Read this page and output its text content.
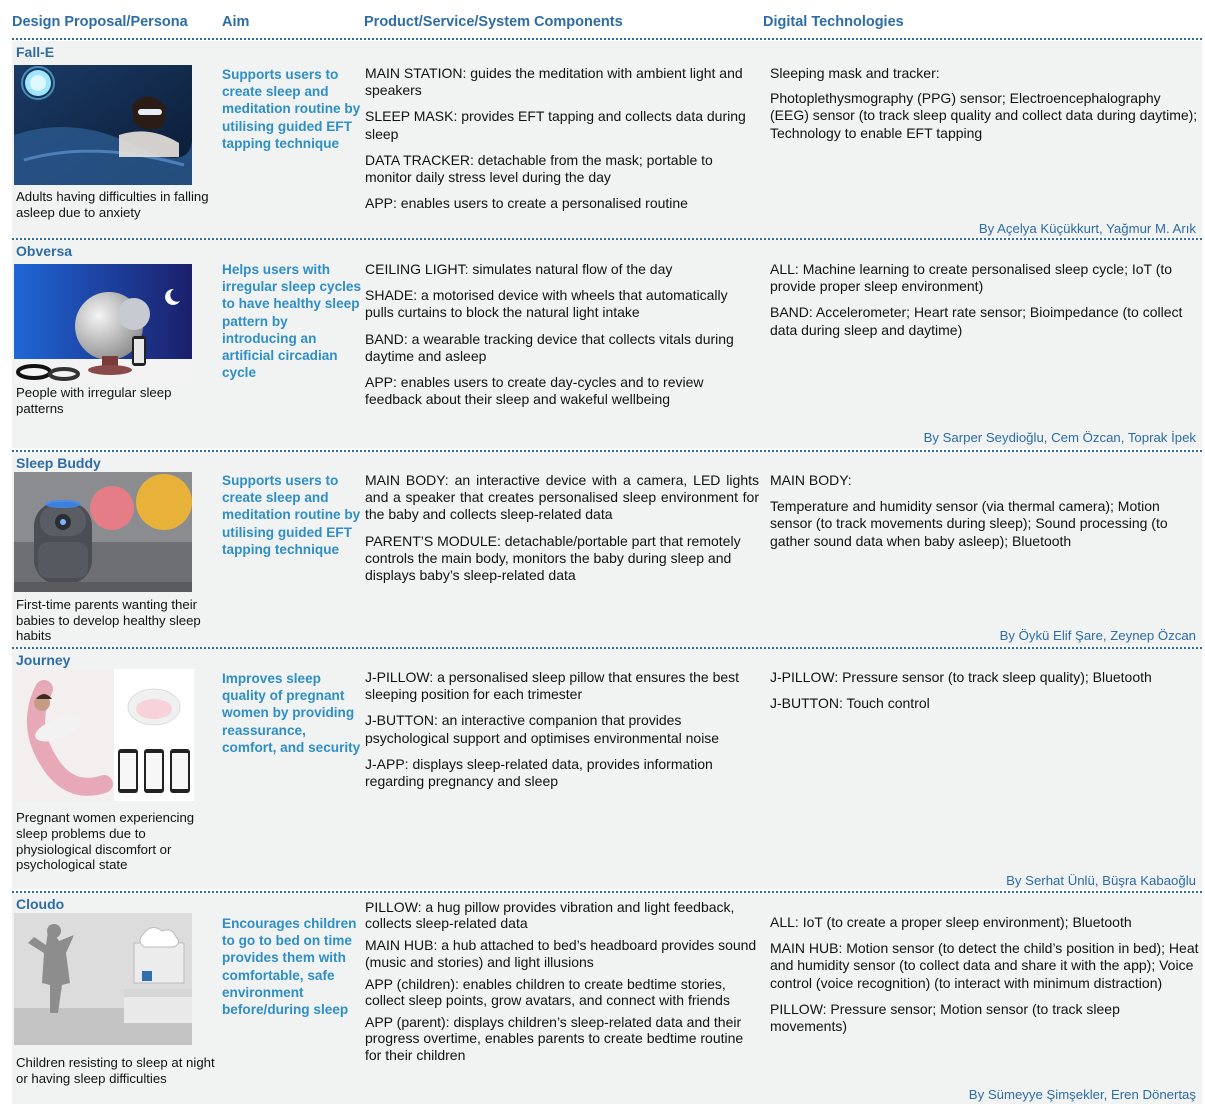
Design Proposal/Persona Aim	Product/Service/System Components	Digital Technologies
Fall-E
Adults having difficulties in falling asleep due to anxiety
Supports users to create sleep and meditation routine by utilising guided EFT tapping technique

MAIN STATION: guides the meditation with ambient light and speakers

SLEEP MASK: provides EFT tapping and collects data during sleep

DATA TRACKER: detachable from the mask; portable to monitor daily stress level during the day

APP: enables users to create a personalised routine

Sleeping mask and tracker:

Photoplethysmography (PPG) sensor; Electroencephalography (EEG) sensor (to track sleep quality and collect data during daytime); Technology to enable EFT tapping

By Açelya Küçükkurt, Yağmur M. Arık
Obversa
People with irregular sleep patterns
Helps users with irregular sleep cycles to have healthy sleep pattern by introducing an artificial circadian cycle

CEILING LIGHT: simulates natural flow of the day

SHADE: a motorised device with wheels that automatically pulls curtains to block the natural light intake

BAND: a wearable tracking device that collects vitals during daytime and asleep

APP: enables users to create day-cycles and to review feedback about their sleep and wakeful wellbeing

ALL: Machine learning to create personalised sleep cycle; IoT (to provide proper sleep environment)

BAND: Accelerometer; Heart rate sensor; Bioimpedance (to collect data during sleep and daytime)

By Sarper Seydioğlu, Cem Özcan, Toprak İpek
Sleep Buddy
First-time parents wanting their babies to develop healthy sleep habits
Supports users to create sleep and meditation routine by utilising guided EFT tapping technique

MAIN BODY: an interactive device with a camera, LED lights and a speaker that creates personalised sleep environment for the baby and collects sleep-related data

PARENT’S MODULE: detachable/portable part that remotely controls the main body, monitors the baby during sleep and displays baby’s sleep-related data

MAIN BODY:

Temperature and humidity sensor (via thermal camera); Motion sensor (to track movements during sleep); Sound processing (to gather sound data when baby asleep); Bluetooth

By Öykü Elif Şare, Zeynep Özcan
Journey
Pregnant women experiencing sleep problems due to physiological discomfort or psychological state
Improves sleep quality of pregnant women by providing reassurance, comfort, and security

J-PILLOW: a personalised sleep pillow that ensures the best sleeping position for each trimester

J-BUTTON: an interactive companion that provides psychological support and optimises environmental noise

J-APP: displays sleep-related data, provides information regarding pregnancy and sleep

J-PILLOW: Pressure sensor (to track sleep quality); Bluetooth

J-BUTTON: Touch control

By Serhat Ünlü, Büşra Kabaoğlu
Cloudo
Children resisting to sleep at night or having sleep difficulties
Encourages children to go to bed on time provides them with comfortable, safe environment before/during sleep

PILLOW: a hug pillow provides vibration and light feedback, collects sleep-related data

MAIN HUB: a hub attached to bed’s headboard provides sound (music and stories) and light illusions

APP (children): enables children to create bedtime stories, collect sleep points, grow avatars, and connect with friends

APP (parent): displays children’s sleep-related data and their progress overtime, enables parents to create bedtime routine for their children

ALL: IoT (to create a proper sleep environment); Bluetooth

MAIN HUB: Motion sensor (to detect the child’s position in bed); Heat and humidity sensor (to collect data and share it with the app); Voice control (voice recognition) (to interact with minimum distraction)

PILLOW: Pressure sensor; Motion sensor (to track sleep movements)

By Sümeyye Şimşekler, Eren Dönertaş
